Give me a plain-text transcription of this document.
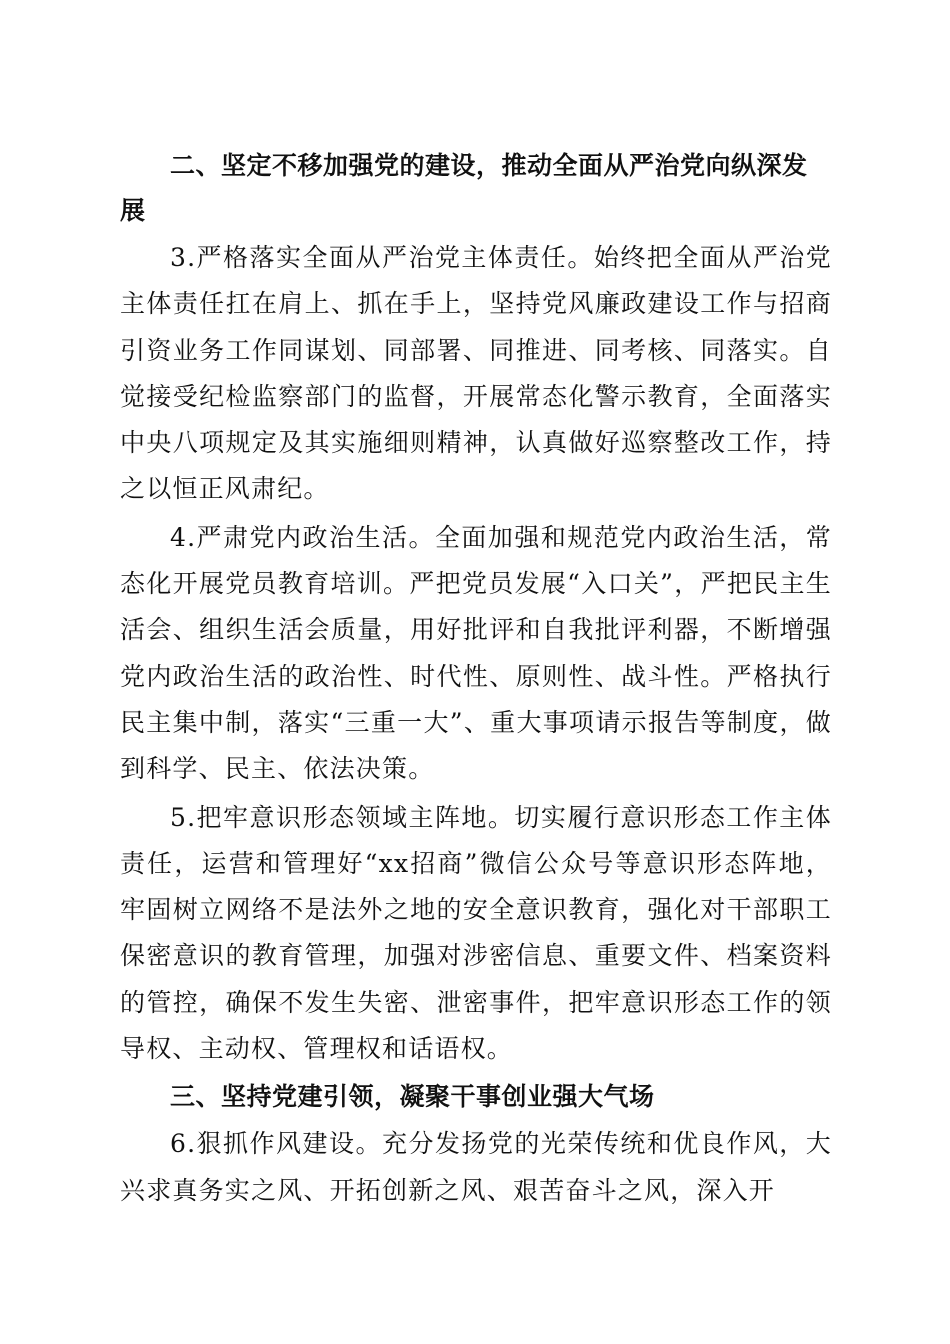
二、坚定不移加强党的建设，推动全面从严治党向纵深发展
3.严格落实全面从严治党主体责任。始终把全面从严治党主体责任扛在肩上、抓在手上，坚持党风廉政建设工作与招商引资业务工作同谋划、同部署、同推进、同考核、同落实。自觉接受纪检监察部门的监督，开展常态化警示教育，全面落实中央八项规定及其实施细则精神，认真做好巡察整改工作，持之以恒正风肃纪。
4.严肃党内政治生活。全面加强和规范党内政治生活，常态化开展党员教育培训。严把党员发展“入口关”，严把民主生活会、组织生活会质量，用好批评和自我批评利器，不断增强党内政治生活的政治性、时代性、原则性、战斗性。严格执行民主集中制，落实“三重一大”、重大事项请示报告等制度，做到科学、民主、依法决策。
5.把牢意识形态领域主阵地。切实履行意识形态工作主体责任，运营和管理好“xx招商”微信公众号等意识形态阵地，牢固树立网络不是法外之地的安全意识教育，强化对干部职工保密意识的教育管理，加强对涉密信息、重要文件、档案资料的管控，确保不发生失密、泄密事件，把牢意识形态工作的领导权、主动权、管理权和话语权。
三、坚持党建引领，凝聚干事创业强大气场
6.狠抓作风建设。充分发扬党的光荣传统和优良作风，大兴求真务实之风、开拓创新之风、艰苦奋斗之风，深入开
